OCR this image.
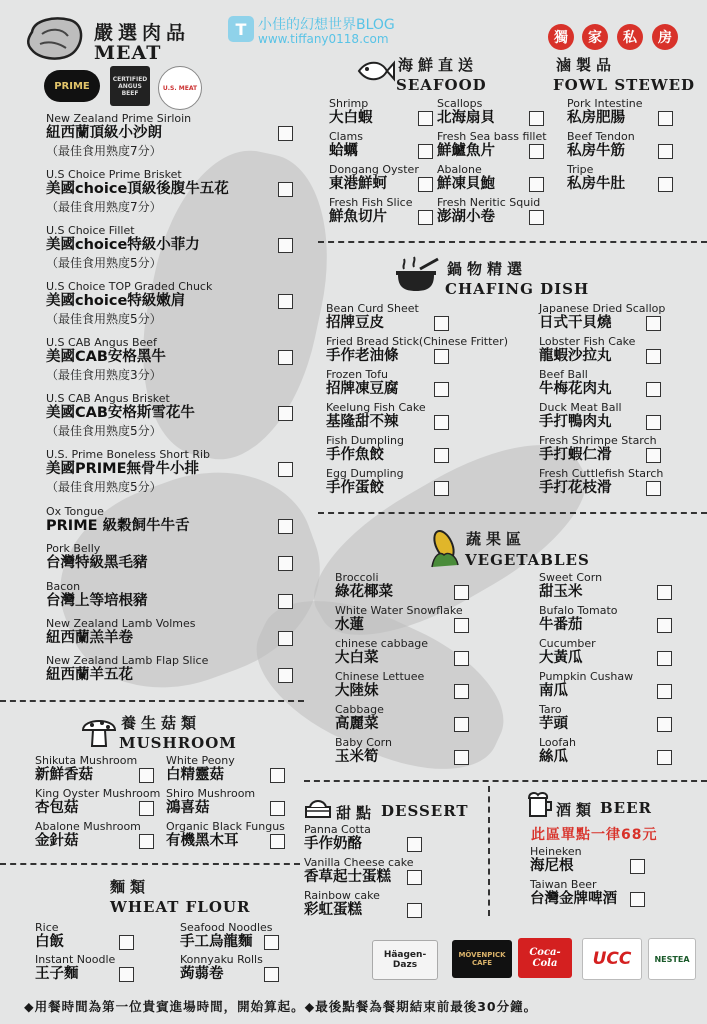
T 小佳的幻想世界BLOG
www.tiffany0118.com	獨	家	私	房
嚴選肉品
MEAT
PRIME
CERTIFIED ANGUS BEEF
U.S. MEAT
New Zealand Prime Sirloin
紐西蘭頂級小沙朗
（最佳食用熟度7分）
U.S Choice Prime Brisket
美國choice頂級後腹牛五花
（最佳食用熟度7分）
U.S Choice Fillet
美國choice特級小菲力
（最佳食用熟度5分）
U.S Choice TOP Graded Chuck
美國choice特級嫩肩
（最佳食用熟度5分）
U.S CAB Angus Beef
美國CAB安格黑牛
（最佳食用熟度3分）
U.S CAB Angus Brisket
美國CAB安格斯雪花牛
（最佳食用熟度5分）
U.S. Prime Boneless Short Rib
美國PRIME無骨牛小排
（最佳食用熟度5分）
Ox Tongue
PRIME 級穀飼牛牛舌
Pork Belly
台灣特級黑毛豬
Bacon
台灣上等培根豬
New Zealand Lamb Volmes
紐西蘭羔羊卷
New Zealand Lamb Flap Slice
紐西蘭羊五花
海鮮直送
SEAFOOD
Shrimp
大白蝦
Clams
蛤蠣
Dongang Oyster
東港鮮蚵
Fresh Fish Slice
鮮魚切片
Scallops
北海扇貝
Fresh Sea bass fillet
鮮鱸魚片
Abalone
鮮凍貝鮑
Fresh Neritic Squid
澎湖小卷
滷製品
FOWL STEWED
Pork Intestine
私房肥腸
Beef Tendon
私房牛筋
Tripe
私房牛肚
鍋物精選
CHAFING DISH
Bean Curd Sheet
招牌豆皮
Fried Bread Stick(Chinese Fritter)
手作老油條
Frozen Tofu
招牌凍豆腐
Keelung Fish Cake
基隆甜不辣
Fish Dumpling
手作魚餃
Egg Dumpling
手作蛋餃
Japanese Dried Scallop
日式干貝燒
Lobster Fish Cake
龍蝦沙拉丸
Beef Ball
牛梅花肉丸
Duck Meat Ball
手打鴨肉丸
Fresh Shrimpe Starch
手打蝦仁滑
Fresh Cuttlefish Starch
手打花枝滑
蔬果區
VEGETABLES
Broccoli
綠花椰菜
White Water Snowflake
水蓮
chinese cabbage
大白菜
Chinese Lettuee
大陸妹
Cabbage
高麗菜
Baby Corn
玉米筍
Sweet Corn
甜玉米
Bufalo Tomato
牛番茄
Cucumber
大黃瓜
Pumpkin Cushaw
南瓜
Taro
芋頭
Loofah
絲瓜
養生菇類
MUSHROOM
Shikuta Mushroom
新鮮香菇
King Oyster Mushroom
杏包菇
Abalone Mushroom
金針菇
White Peony
白精靈菇
Shiro Mushroom
鴻喜菇
Organic Black Fungus
有機黑木耳
甜點 DESSERT
Panna Cotta
手作奶酪
Vanilla Cheese cake
香草起士蛋糕
Rainbow cake
彩虹蛋糕
酒類 BEER
此區單點一律68元
Heineken
海尼根
Taiwan Beer
台灣金牌啤酒
麵類
WHEAT FLOUR
Rice
白飯
Instant Noodle
王子麵
Seafood Noodles
手工烏龍麵
Konnyaku Rolls
蒟蒻卷
Häagen-Dazs
MÖVENPICK CAFE
Coca-Cola	UCC	NESTEA
◆用餐時間為第一位貴賓進場時間，開始算起。◆最後點餐為餐期結束前最後30分鐘。
